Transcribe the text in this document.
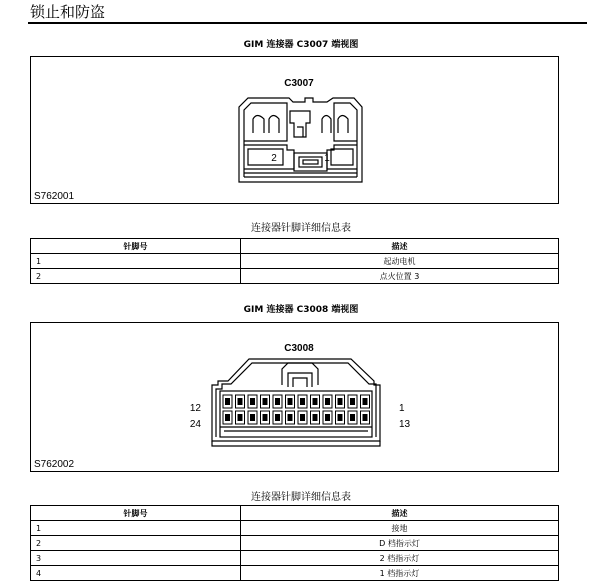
锁止和防盗
GIM 连接器 C3007 端视图
C3007
2	1
S762001
连接器针脚详细信息表
针脚号	描述
1	起动电机
2	点火位置 3
GIM 连接器 C3008 端视图
C3008
12	1
24	13
S762002
连接器针脚详细信息表
针脚号	描述
1	接地
2	D 档指示灯
3	2 档指示灯
4	1 档指示灯
